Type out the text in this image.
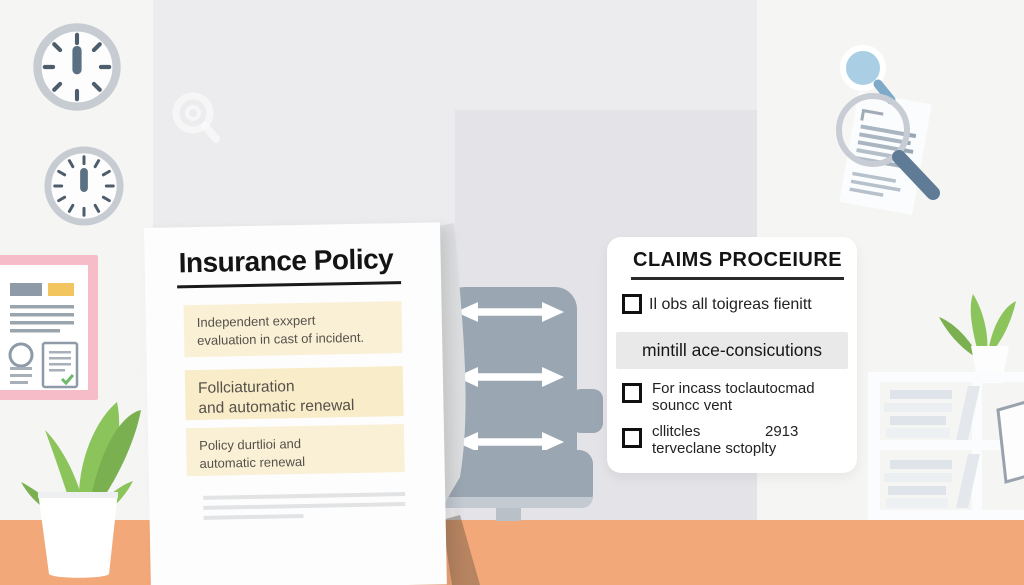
Insurance Policy
Independent exxpert
evaluation in cast of incident.
Follciaturation
and automatic renewal
Policy durtlioi and
automatic renewal
CLAIMS PROCEIURE
Il obs all toigreas fienitt
mintill ace-consicutions
For incass toclautocmad
souncc vent
cllitcles	2913

terveclane sctoplty
